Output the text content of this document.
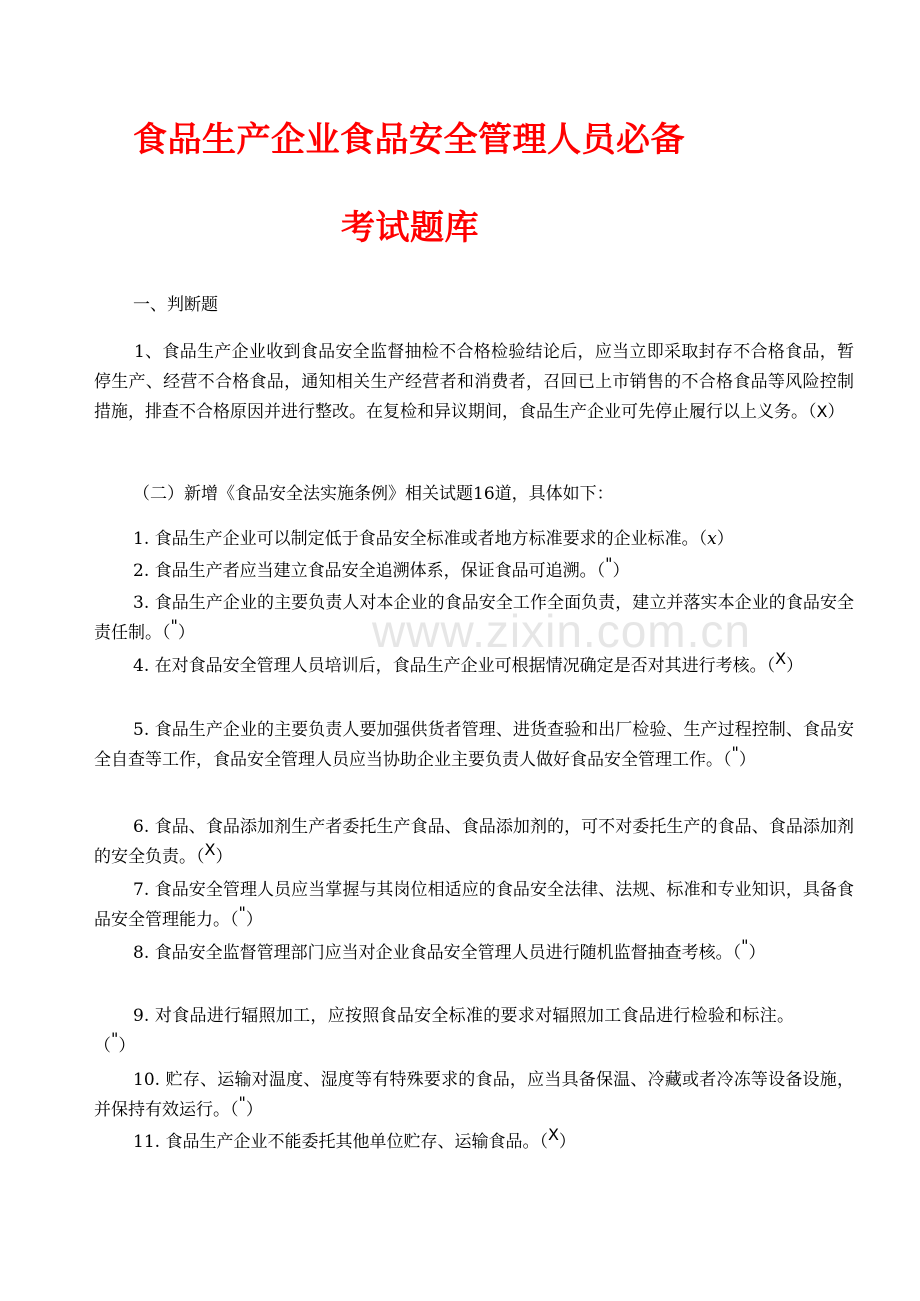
食品生产企业食品安全管理人员必备
考试题库
一、判断题
1、食品生产企业收到食品安全监督抽检不合格检验结论后，应当立即采取封存不合格食品，暂停生产、经营不合格食品，通知相关生产经营者和消费者，召回已上市销售的不合格食品等风险控制措施，排查不合格原因并进行整改。在复检和异议期间，食品生产企业可先停止履行以上义务。（X）
（二）新增《食品安全法实施条例》相关试题16道，具体如下：
1. 食品生产企业可以制定低于食品安全标准或者地方标准要求的企业标准。（x）
2. 食品生产者应当建立食品安全追溯体系，保证食品可追溯。（"）
3. 食品生产企业的主要负责人对本企业的食品安全工作全面负责，建立并落实本企业的食品安全责任制。（"）
4. 在对食品安全管理人员培训后，食品生产企业可根据情况确定是否对其进行考核。（X）
5. 食品生产企业的主要负责人要加强供货者管理、进货查验和出厂检验、生产过程控制、食品安全自查等工作，食品安全管理人员应当协助企业主要负责人做好食品安全管理工作。（"）
6. 食品、食品添加剂生产者委托生产食品、食品添加剂的，可不对委托生产的食品、食品添加剂的安全负责。（X）
7. 食品安全管理人员应当掌握与其岗位相适应的食品安全法律、法规、标准和专业知识，具备食品安全管理能力。（"）
8. 食品安全监督管理部门应当对企业食品安全管理人员进行随机监督抽查考核。（"）
9. 对食品进行辐照加工，应按照食品安全标准的要求对辐照加工食品进行检验和标注。（"）
10. 贮存、运输对温度、湿度等有特殊要求的食品，应当具备保温、冷藏或者冷冻等设备设施，并保持有效运行。（"）
11. 食品生产企业不能委托其他单位贮存、运输食品。（X）
www.zixin.com.cn
